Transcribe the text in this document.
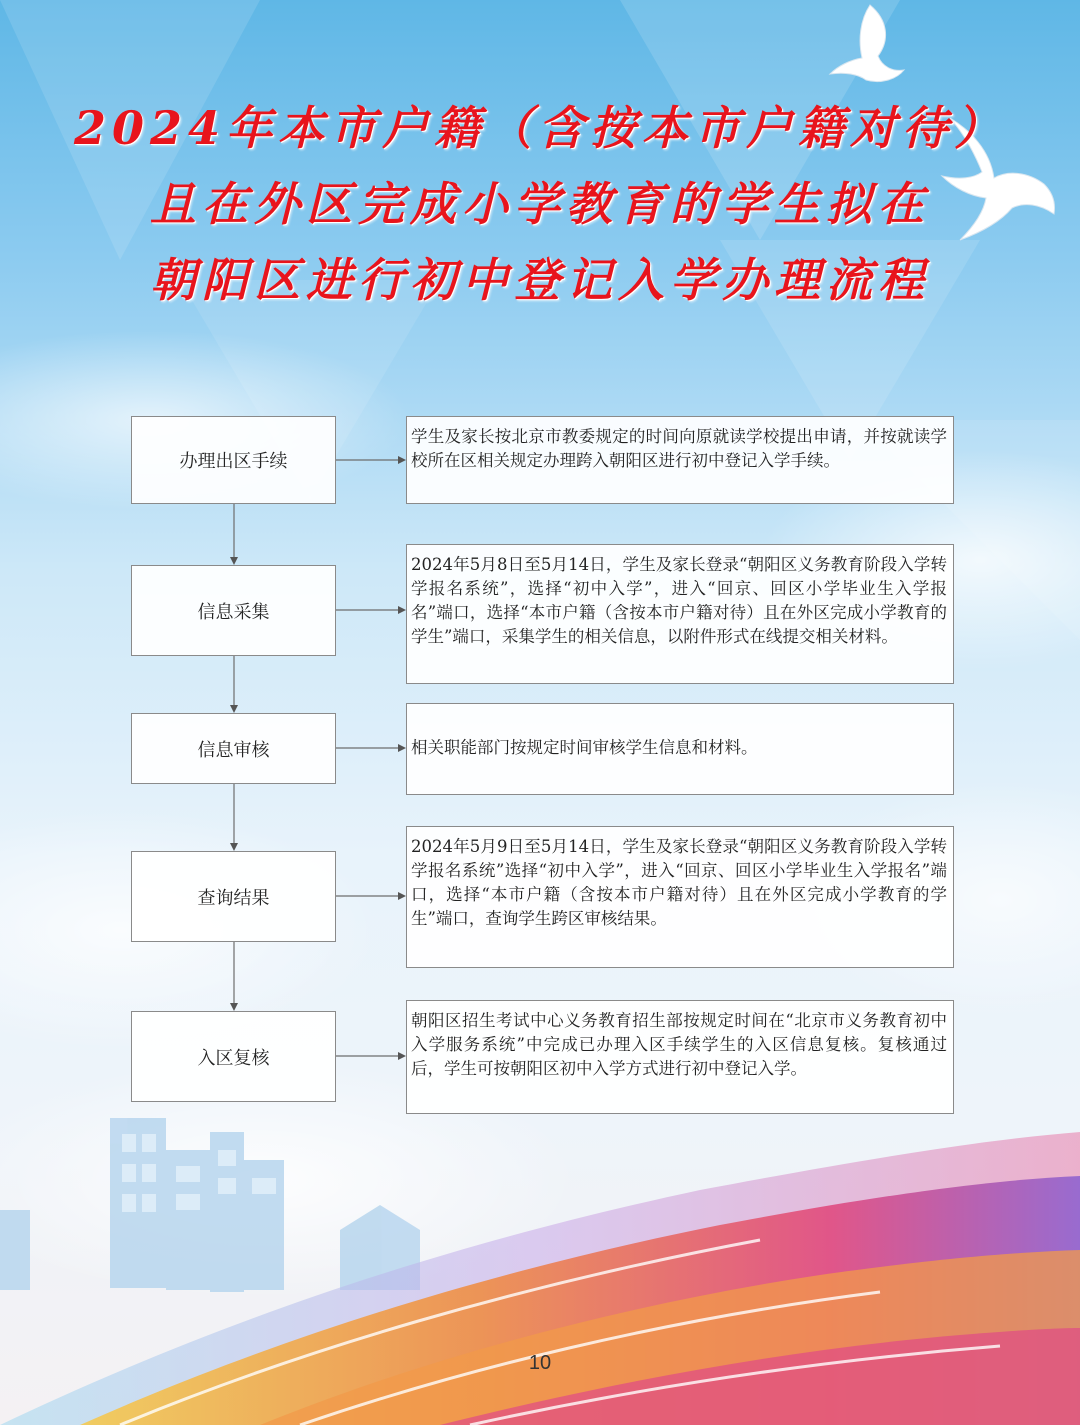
2024年本市户籍（含按本市户籍对待）
且在外区完成小学教育的学生拟在
朝阳区进行初中登记入学办理流程
办理出区手续
学生及家长按北京市教委规定的时间向原就读学校提出申请，并按就读学校所在区相关规定办理跨入朝阳区进行初中登记入学手续。
信息采集
2024年5月8日至5月14日，学生及家长登录“朝阳区义务教育阶段入学转学报名系统”，选择“初中入学”，进入“回京、回区小学毕业生入学报名”端口，选择“本市户籍（含按本市户籍对待）且在外区完成小学教育的学生”端口，采集学生的相关信息，以附件形式在线提交相关材料。
信息审核	相关职能部门按规定时间审核学生信息和材料。
查询结果
2024年5月9日至5月14日，学生及家长登录“朝阳区义务教育阶段入学转学报名系统”选择“初中入学”，进入“回京、回区小学毕业生入学报名”端口，选择“本市户籍（含按本市户籍对待）且在外区完成小学教育的学生”端口，查询学生跨区审核结果。
入区复核
朝阳区招生考试中心义务教育招生部按规定时间在“北京市义务教育初中入学服务系统”中完成已办理入区手续学生的入区信息复核。复核通过后，学生可按朝阳区初中入学方式进行初中登记入学。
10
